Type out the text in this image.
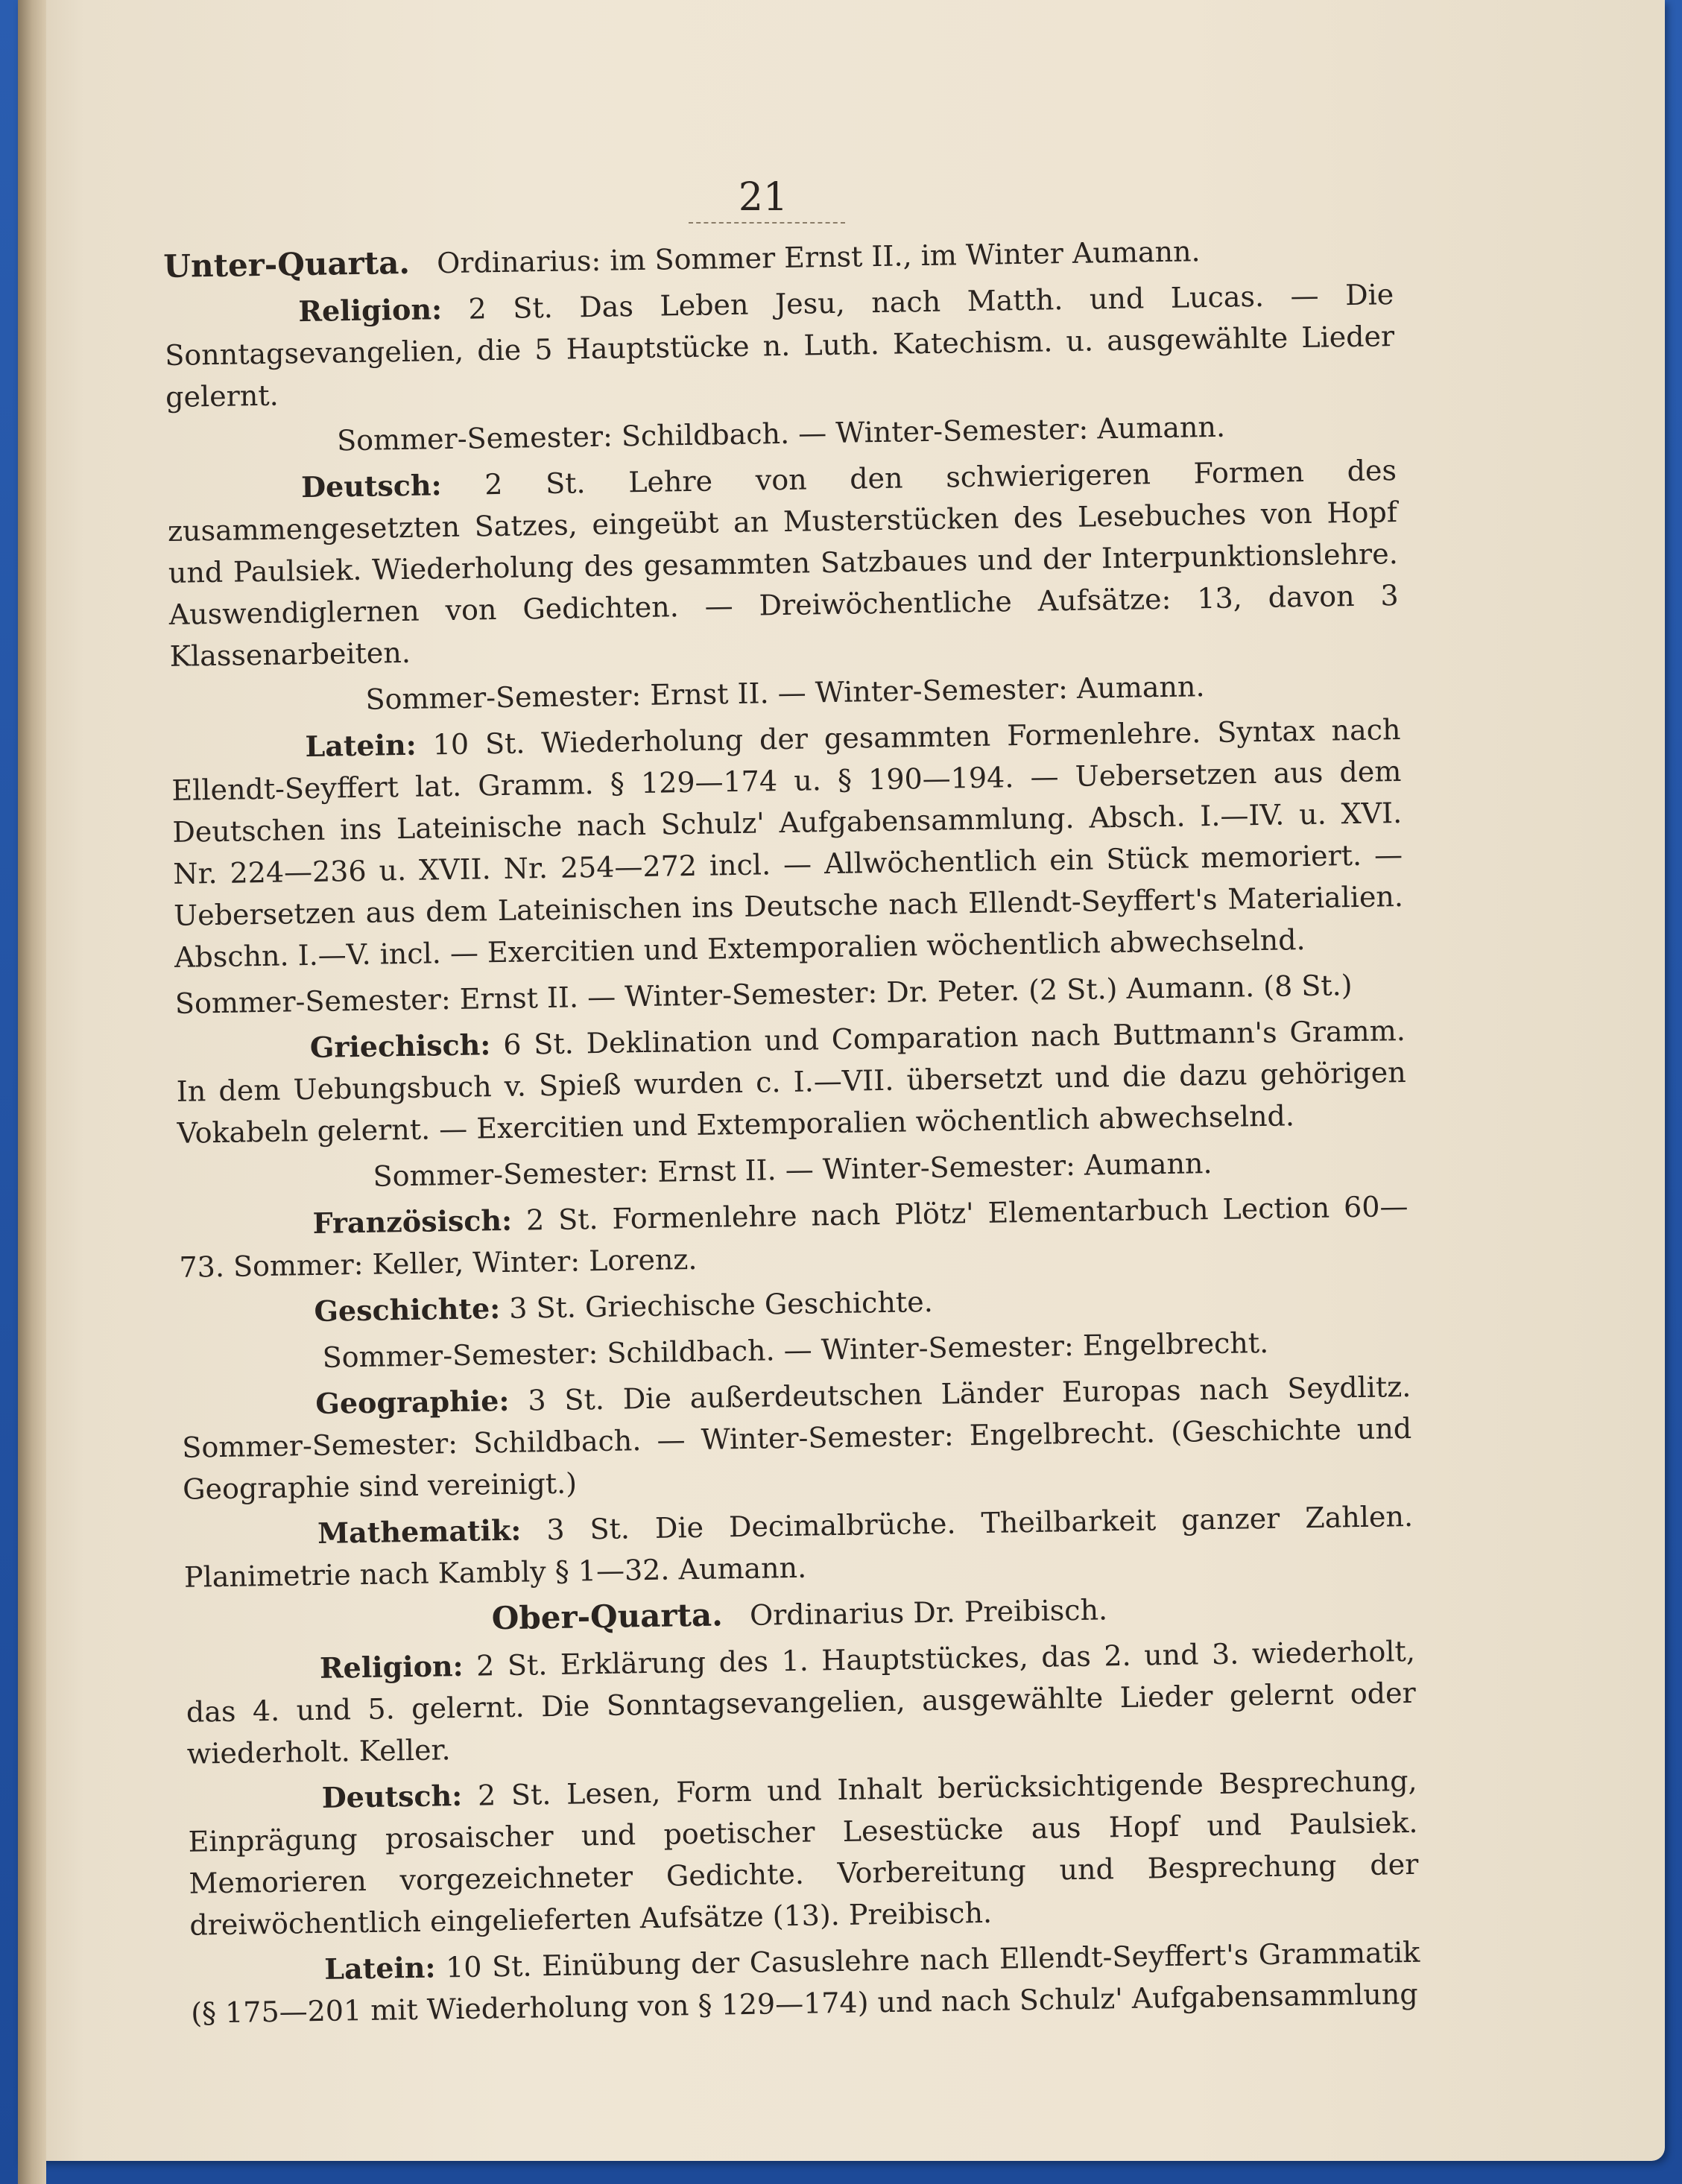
21

Unter-Quarta. Ordinarius: im Sommer Ernst II., im Winter Aumann.

Religion: 2 St. Das Leben Jesu, nach Matth. und Lucas. — Die Sonntagsevangelien, die 5 Hauptstücke n. Luth. Katechism. u. ausgewählte Lieder gelernt.

Sommer-Semester: Schildbach. — Winter-Semester: Aumann.

Deutsch: 2 St. Lehre von den schwierigeren Formen des zusammengesetzten Satzes, eingeübt an Musterstücken des Lesebuches von Hopf und Paulsiek. Wiederholung des gesammten Satzbaues und der Interpunktionslehre. Auswendiglernen von Gedichten. — Dreiwöchentliche Aufsätze: 13, davon 3 Klassenarbeiten.

Sommer-Semester: Ernst II. — Winter-Semester: Aumann.

Latein: 10 St. Wiederholung der gesammten Formenlehre. Syntax nach Ellendt-Seyffert lat. Gramm. § 129—174 u. § 190—194. — Uebersetzen aus dem Deutschen ins Lateinische nach Schulz' Aufgabensammlung. Absch. I.—IV. u. XVI. Nr. 224—236 u. XVII. Nr. 254—272 incl. — Allwöchentlich ein Stück memoriert. — Uebersetzen aus dem Lateinischen ins Deutsche nach Ellendt-Seyffert's Materialien. Abschn. I.—V. incl. — Exercitien und Extemporalien wöchentlich abwechselnd.

Sommer-Semester: Ernst II. — Winter-Semester: Dr. Peter. (2 St.) Aumann. (8 St.)

Griechisch: 6 St. Deklination und Comparation nach Buttmann's Gramm. In dem Uebungsbuch v. Spieß wurden c. I.—VII. übersetzt und die dazu gehörigen Vokabeln gelernt. — Exercitien und Extemporalien wöchentlich abwechselnd.

Sommer-Semester: Ernst II. — Winter-Semester: Aumann.

Französisch: 2 St. Formenlehre nach Plötz' Elementarbuch Lection 60—73. Sommer: Keller, Winter: Lorenz.

Geschichte: 3 St. Griechische Geschichte.

Sommer-Semester: Schildbach. — Winter-Semester: Engelbrecht.

Geographie: 3 St. Die außerdeutschen Länder Europas nach Seydlitz. Sommer-Semester: Schildbach. — Winter-Semester: Engelbrecht. (Geschichte und Geographie sind vereinigt.)

Mathematik: 3 St. Die Decimalbrüche. Theilbarkeit ganzer Zahlen. Planimetrie nach Kambly § 1—32. Aumann.

Ober-Quarta. Ordinarius Dr. Preibisch.

Religion: 2 St. Erklärung des 1. Hauptstückes, das 2. und 3. wiederholt, das 4. und 5. gelernt. Die Sonntagsevangelien, ausgewählte Lieder gelernt oder wiederholt. Keller.

Deutsch: 2 St. Lesen, Form und Inhalt berücksichtigende Besprechung, Einprägung prosaischer und poetischer Lesestücke aus Hopf und Paulsiek. Memorieren vorgezeichneter Gedichte. Vorbereitung und Besprechung der dreiwöchentlich eingelieferten Aufsätze (13). Preibisch.

Latein: 10 St. Einübung der Casuslehre nach Ellendt-Seyffert's Grammatik (§ 175—201 mit Wiederholung von § 129—174) und nach Schulz' Aufgabensammlung
